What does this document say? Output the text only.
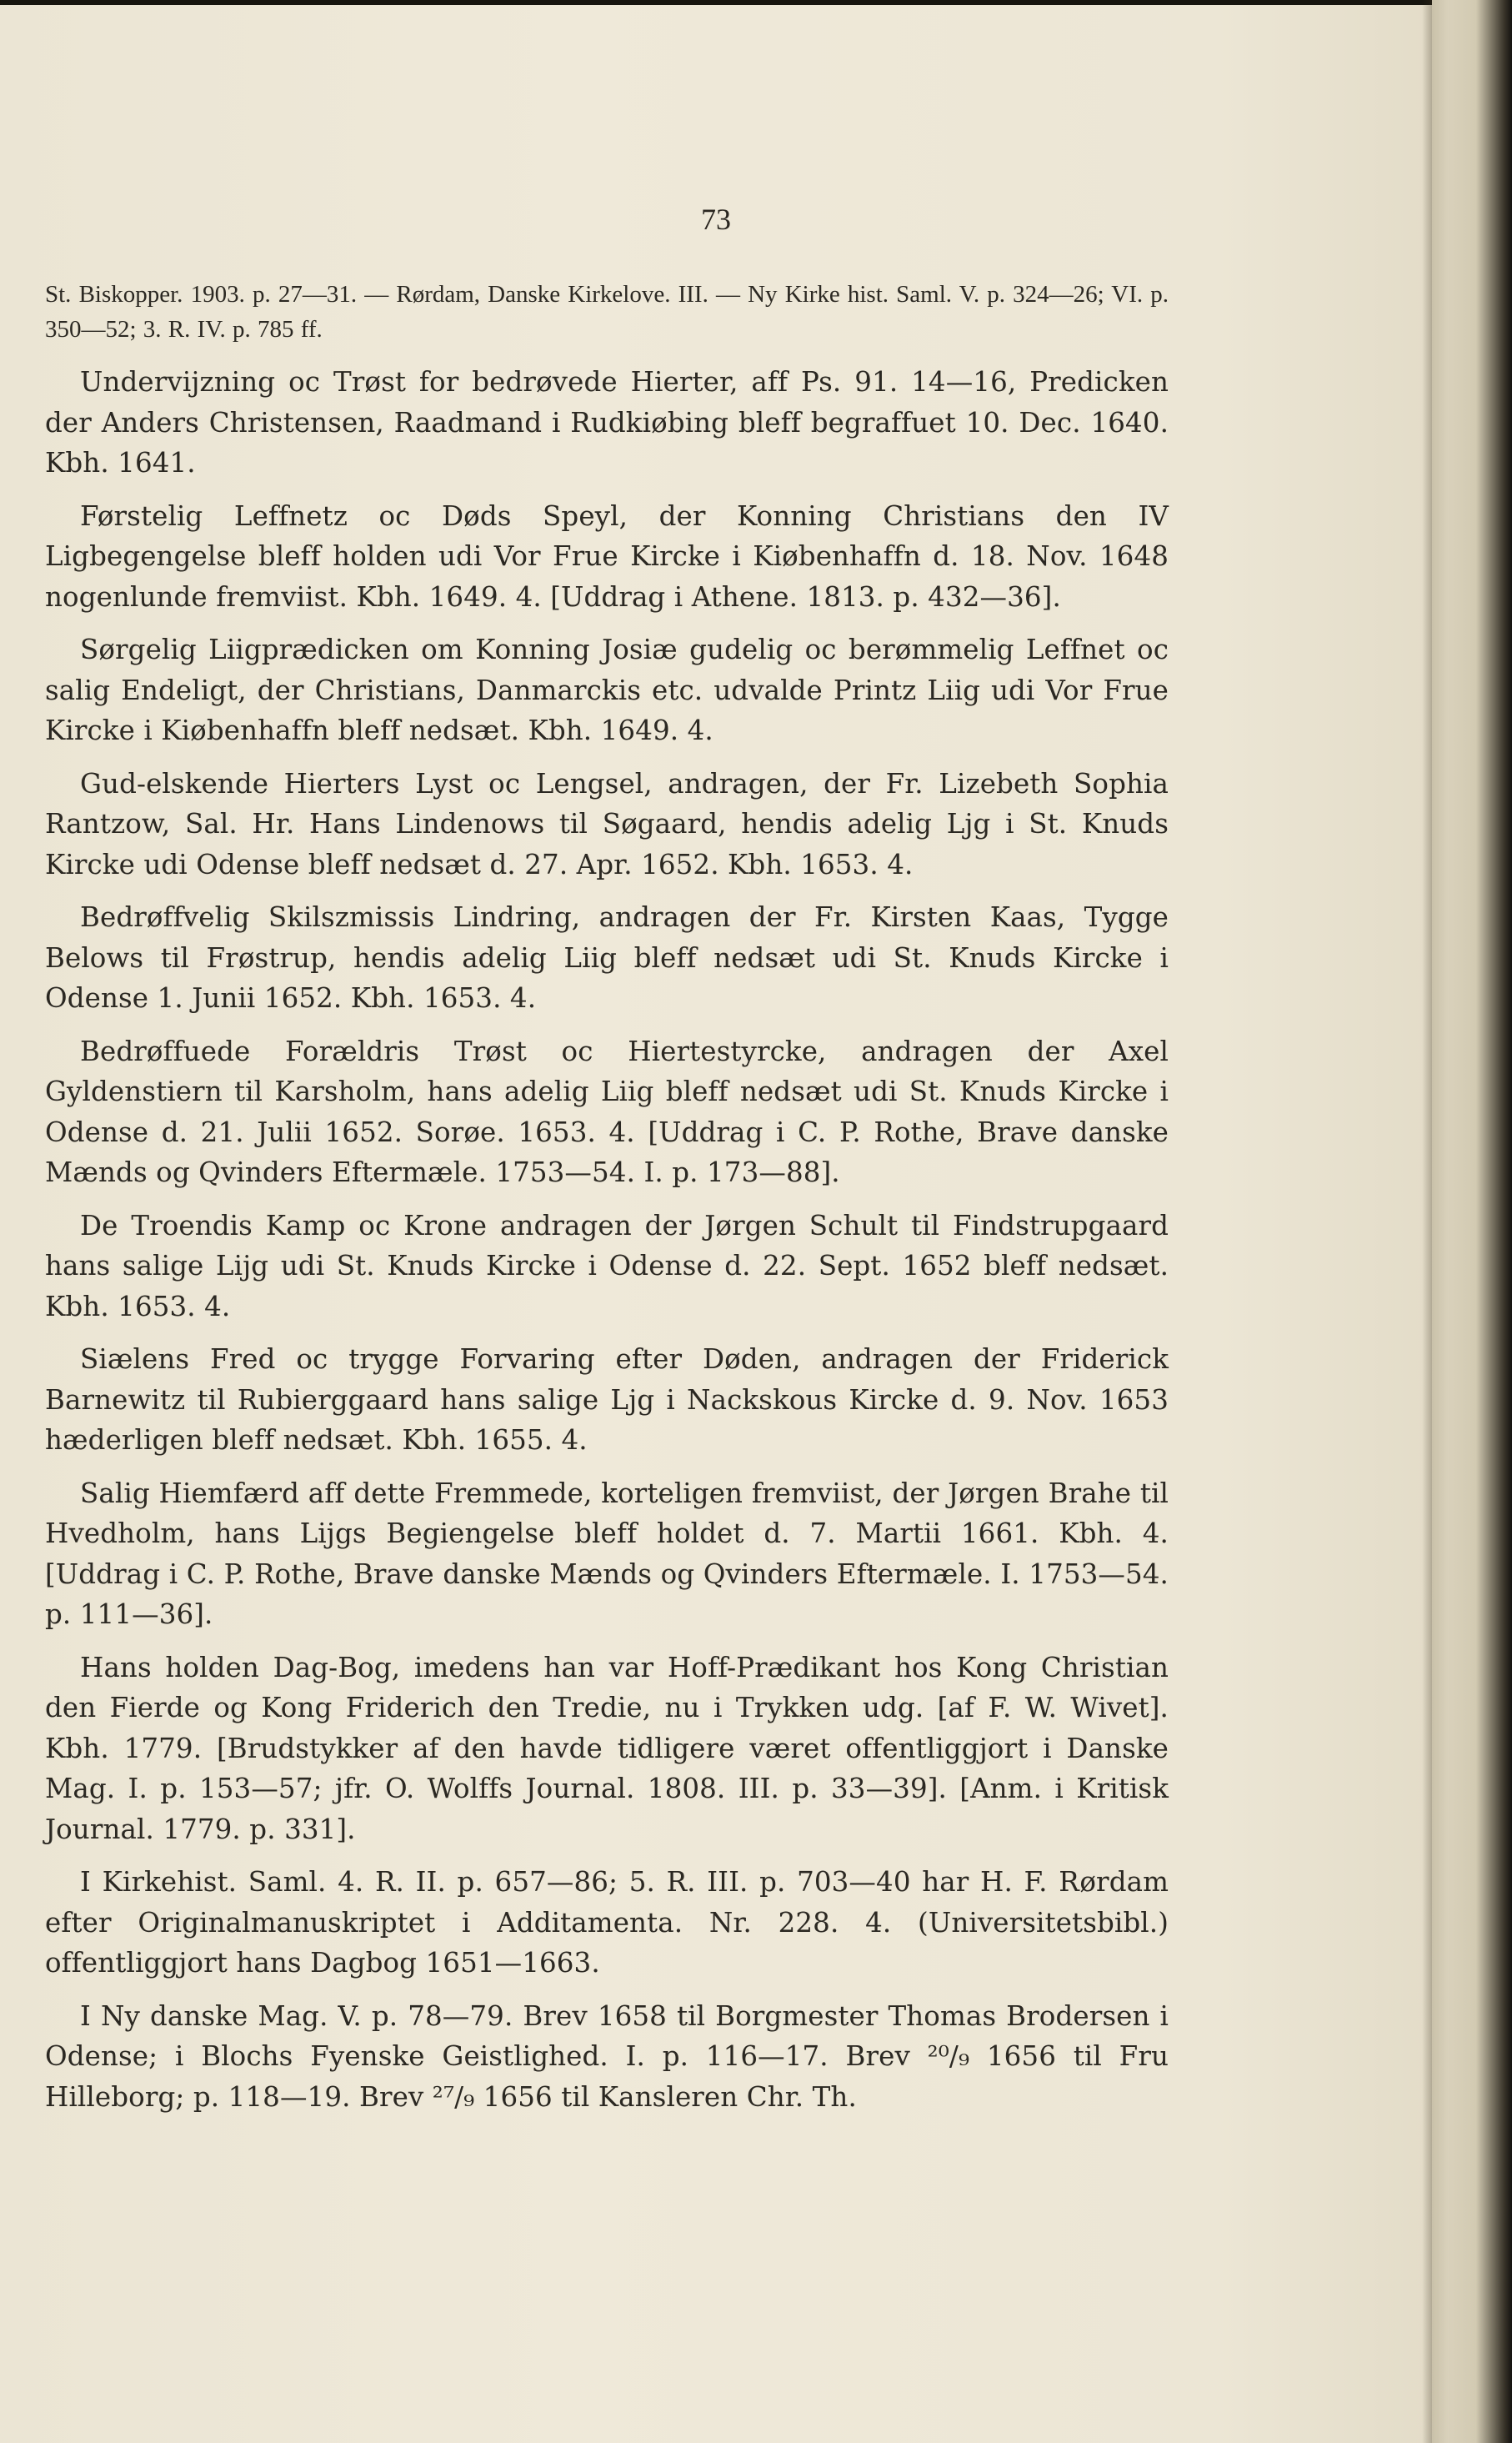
73

St. Biskopper. 1903. p. 27—31. — Rørdam, Danske Kirkelove. III. — Ny Kirke hist. Saml. V. p. 324—26; VI. p. 350—52; 3. R. IV. p. 785 ff.

Undervijzning oc Trøst for bedrøvede Hierter, aff Ps. 91. 14—16, Predicken der Anders Christensen, Raadmand i Rudkiøbing bleff begraffuet 10. Dec. 1640. Kbh. 1641.

Førstelig Leffnetz oc Døds Speyl, der Konning Christians den IV Ligbegengelse bleff holden udi Vor Frue Kircke i Kiøbenhaffn d. 18. Nov. 1648 nogenlunde fremviist. Kbh. 1649. 4. [Uddrag i Athene. 1813. p. 432—36].

Sørgelig Liigprædicken om Konning Josiæ gudelig oc berømmelig Leffnet oc salig Endeligt, der Christians, Danmarckis etc. udvalde Printz Liig udi Vor Frue Kircke i Kiøbenhaffn bleff nedsæt. Kbh. 1649. 4.

Gud-elskende Hierters Lyst oc Lengsel, andragen, der Fr. Lizebeth Sophia Rantzow, Sal. Hr. Hans Lindenows til Søgaard, hendis adelig Ljg i St. Knuds Kircke udi Odense bleff nedsæt d. 27. Apr. 1652. Kbh. 1653. 4.

Bedrøffvelig Skilszmissis Lindring, andragen der Fr. Kirsten Kaas, Tygge Belows til Frøstrup, hendis adelig Liig bleff nedsæt udi St. Knuds Kircke i Odense 1. Junii 1652. Kbh. 1653. 4.

Bedrøffuede Forældris Trøst oc Hiertestyrcke, andragen der Axel Gyldenstiern til Karsholm, hans adelig Liig bleff nedsæt udi St. Knuds Kircke i Odense d. 21. Julii 1652. Sorøe. 1653. 4. [Uddrag i C. P. Rothe, Brave danske Mænds og Qvinders Eftermæle. 1753—54. I. p. 173—88].

De Troendis Kamp oc Krone andragen der Jørgen Schult til Findstrupgaard hans salige Lijg udi St. Knuds Kircke i Odense d. 22. Sept. 1652 bleff nedsæt. Kbh. 1653. 4.

Siælens Fred oc trygge Forvaring efter Døden, andragen der Friderick Barnewitz til Rubierggaard hans salige Ljg i Nackskous Kircke d. 9. Nov. 1653 hæderligen bleff nedsæt. Kbh. 1655. 4.

Salig Hiemfærd aff dette Fremmede, korteligen fremviist, der Jørgen Brahe til Hvedholm, hans Lijgs Begiengelse bleff holdet d. 7. Martii 1661. Kbh. 4. [Uddrag i C. P. Rothe, Brave danske Mænds og Qvinders Eftermæle. I. 1753—54. p. 111—36].

Hans holden Dag-Bog, imedens han var Hoff-Prædikant hos Kong Christian den Fierde og Kong Friderich den Tredie, nu i Trykken udg. [af F. W. Wivet]. Kbh. 1779. [Brudstykker af den havde tidligere været offentliggjort i Danske Mag. I. p. 153—57; jfr. O. Wolffs Journal. 1808. III. p. 33—39]. [Anm. i Kritisk Journal. 1779. p. 331].

I Kirkehist. Saml. 4. R. II. p. 657—86; 5. R. III. p. 703—40 har H. F. Rørdam efter Originalmanuskriptet i Additamenta. Nr. 228. 4. (Universitetsbibl.) offentliggjort hans Dagbog 1651—1663.

I Ny danske Mag. V. p. 78—79. Brev 1658 til Borgmester Thomas Brodersen i Odense; i Blochs Fyenske Geistlighed. I. p. 116—17. Brev ²⁰/₉ 1656 til Fru Hilleborg; p. 118—19. Brev ²⁷/₉ 1656 til Kansleren Chr. Th.
